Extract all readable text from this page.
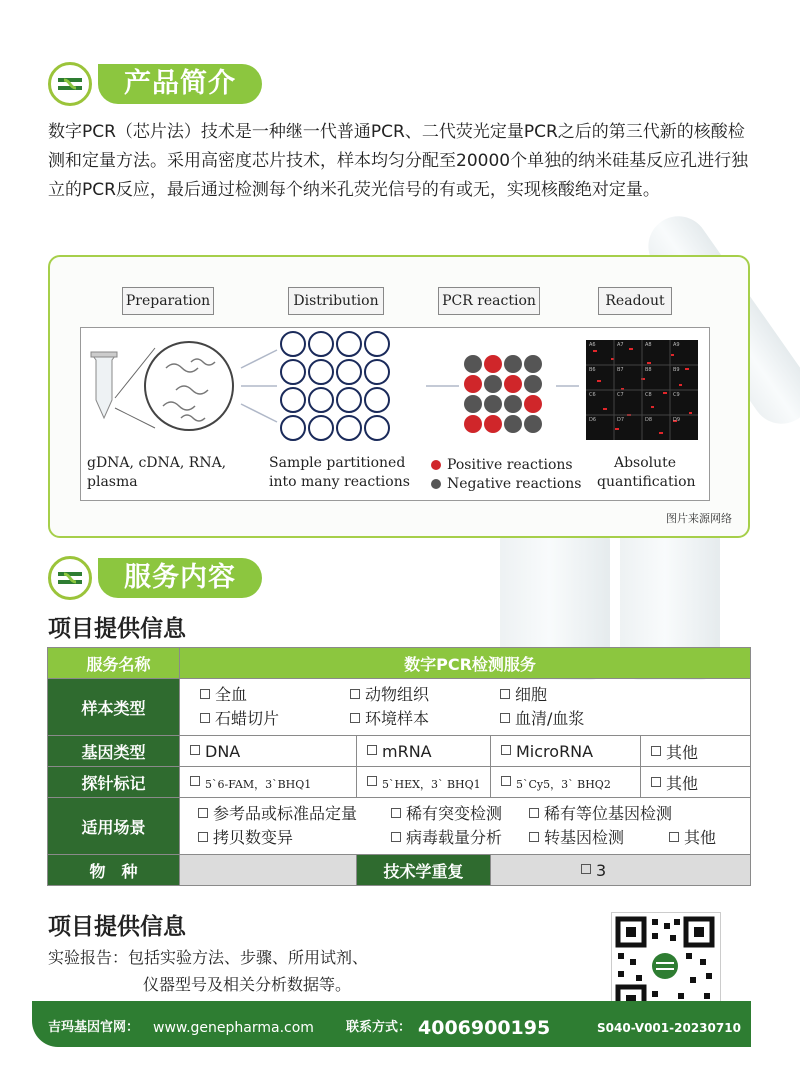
产品简介
数字PCR（芯片法）技术是一种继一代普通PCR、二代荧光定量PCR之后的第三代新的核酸检测和定量方法。采用高密度芯片技术，样本均匀分配至20000个单独的纳米硅基反应孔进行独立的PCR反应，最后通过检测每个纳米孔荧光信号的有或无，实现核酸绝对定量。
Preparation	Distribution	PCR reaction	Readout
A6	A7	A8	A9
B6	B7	B8	B9
C6	C7	C8	C9
D6	D7	D8	D9
gDNA, cDNA, RNA,
plasma
Sample partitioned
into many reactions
Positive reactions
Negative reactions
Absolute
quantification
图片来源网络
服务内容
项目提供信息
服务名称	数字PCR检测服务			
样本类型	全血 动物组织 细胞
石蜡切片 环境样本 血清/血浆			
基因类型	DNA	mRNA	MicroRNA	其他
探针标记	5`6-FAM，3`BHQ1	5`HEX，3` BHQ1	5`Cy5，3` BHQ2	其他
适用场景	参考品或标准品定量 稀有突变检测 稀有等位基因检测
拷贝数变异 病毒载量分析 转基因检测 其他			
物　种		技术学重复	3	
项目提供信息
实验报告：包括实验方法、步骤、所用试剂、
仪器型号及相关分析数据等。
吉玛基因官网： www.genepharma.com 联系方式： 4006900195	S040-V001-20230710
